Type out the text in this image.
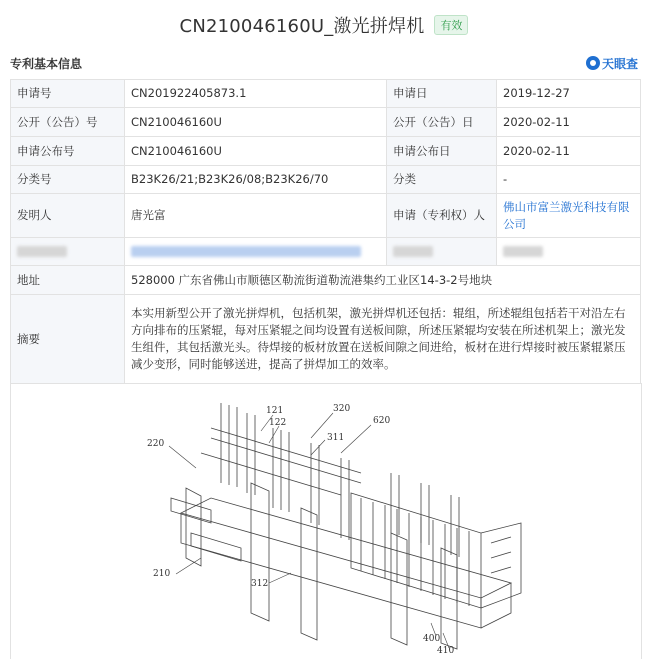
CN210046160U_激光拼焊机	有效
专利基本信息	天眼查
申请号	CN201922405873.1	申请日	2019-12-27
公开（公告）号	CN210046160U	公开（公告）日	2020-02-11
申请公布号	CN210046160U	申请公布日	2020-02-11
分类号	B23K26/21;B23K26/08;B23K26/70	分类	-
发明人	唐光富	申请（专利权）人	佛山市富兰激光科技有限公司

地址	528000 广东省佛山市顺德区勒流街道勒流港集约工业区14-3-2号地块		
摘要	本实用新型公开了激光拼焊机，包括机架，激光拼焊机还包括：辊组，所述辊组包括若干对沿左右方向排布的压紧辊，每对压紧辊之间均设置有送板间隙，所述压紧辊均安装在所述机架上；激光发生组件，其包括激光头。待焊接的板材放置在送板间隙之间进给，板材在进行焊接时被压紧辊紧压减少变形，同时能够送进，提高了拼焊加工的效率。		
121	320
122	620
220
311
210
312
400
410
